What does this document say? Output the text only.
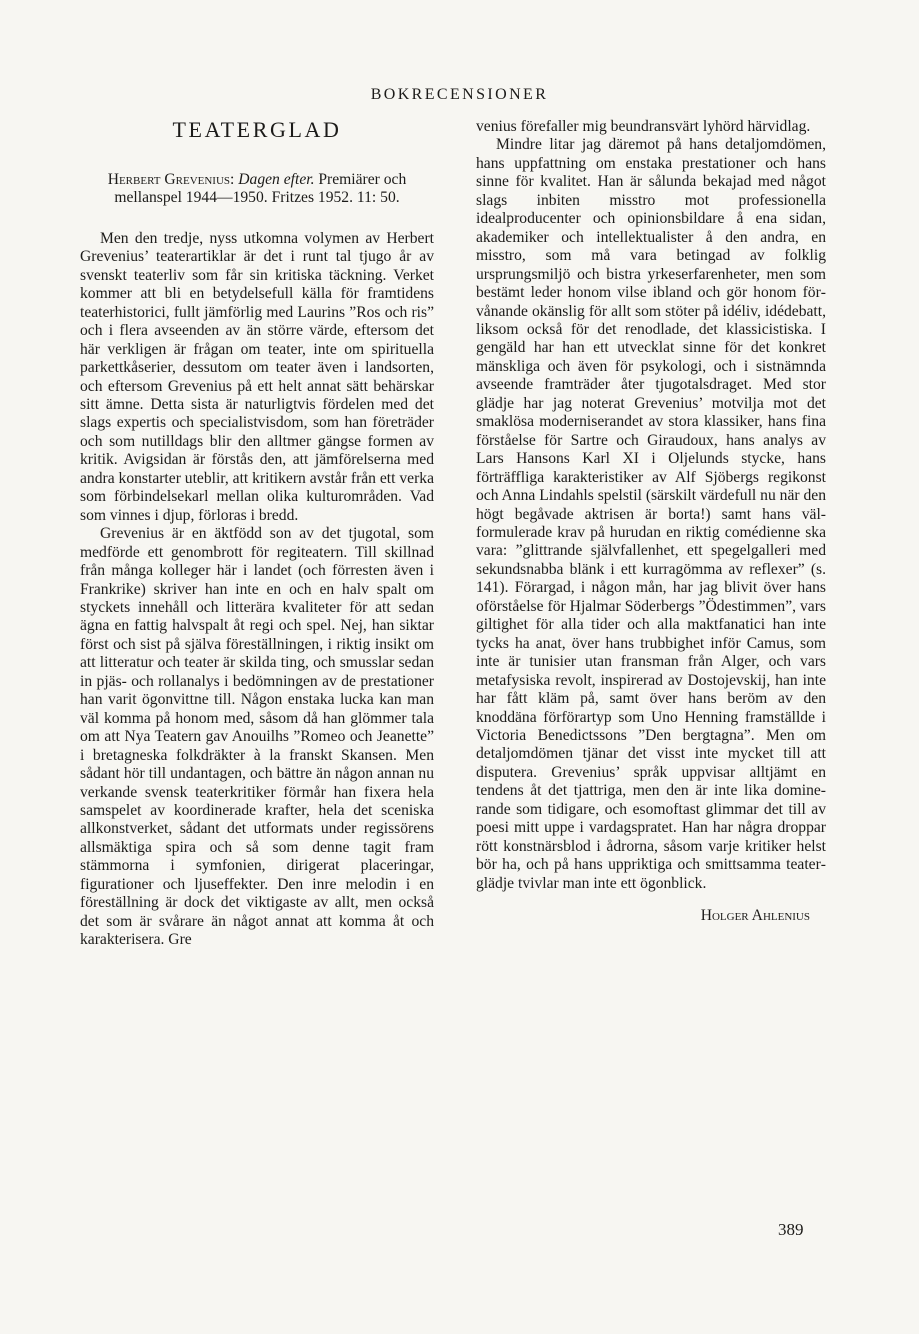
BOKRECENSIONER
TEATERGLAD
Herbert Grevenius: Dagen efter. Premiärer och mellanspel 1944—1950. Fritzes 1952. 11: 50.

Men den tredje, nyss utkomna volymen av Herbert Grevenius’ teaterartiklar är det i runt tal tjugo år av svenskt teaterliv som får sin kritiska täckning. Verket kommer att bli en betydelsefull källa för framtidens teaterhistorici, fullt jämförlig med Laurins ”Ros och ris” och i flera avseenden av än större värde, eftersom det här verkligen är frågan om teater, inte om spirituella parkettkåserier, dessutom om teater även i landsorten, och eftersom Grevenius på ett helt annat sätt behärskar sitt ämne. Detta sista är naturligtvis fördelen med det slags expertis och specialistvisdom, som han företräder och som nutilldags blir den alltmer gängse formen av kritik. Avigsidan är förstås den, att jämförelserna med andra konstarter uteblir, att kritikern avstår från ett verka som förbindelsekarl mellan olika kulturområden. Vad som vinnes i djup, förloras i bredd.

Grevenius är en äktfödd son av det tjugotal, som medförde ett genombrott för regiteatern. Till skillnad från många kolleger här i landet (och förresten även i Frankrike) skriver han inte en och en halv spalt om styckets innehåll och litterära kvaliteter för att sedan ägna en fattig halvspalt åt regi och spel. Nej, han siktar först och sist på själva föreställningen, i riktig insikt om att litteratur och teater är skilda ting, och smusslar sedan in pjäs- och rollanalys i bedömningen av de prestationer han varit ögonvittne till. Någon enstaka lucka kan man väl komma på honom med, såsom då han glömmer tala om att Nya Teatern gav Anouilhs ”Romeo och Jeanette” i bretagneska folkdräkter à la franskt Skansen. Men sådant hör till undantagen, och bättre än någon annan nu verkande svensk teaterkritiker förmår han fixera hela samspelet av koordinerade krafter, hela det sceniska allkonstverket, sådant det utformats under regissörens allsmäktiga spira och så som denne tagit fram stämmorna i symfonien, dirigerat placeringar, figurationer och ljuseffekter. Den inre melodin i en föreställning är dock det viktigaste av allt, men också det som är svårare än något annat att komma åt och karakterisera. Gre

venius förefaller mig beundransvärt lyhörd härvidlag.

Mindre litar jag däremot på hans detaljomdömen, hans uppfattning om enstaka prestationer och hans sinne för kvalitet. Han är sålunda bekajad med något slags inbiten misstro mot professionella idealproducenter och opinionsbildare å ena sidan, akademiker och intellektualister å den andra, en misstro, som må vara betingad av folklig ursprungsmiljö och bistra yrkeserfarenheter, men som bestämt leder honom vilse ibland och gör honom förvånande okänslig för allt som stöter på idéliv, idédebatt, liksom också för det renodlade, det klassicistiska. I gengäld har han ett utvecklat sinne för det konkret mänskliga och även för psykologi, och i sistnämnda avseende framträder åter tjugotalsdraget. Med stor glädje har jag noterat Grevenius’ motvilja mot det smaklösa moderniserandet av stora klassiker, hans fina förståelse för Sartre och Giraudoux, hans analys av Lars Hansons Karl XI i Oljelunds stycke, hans förträffliga karakteristiker av Alf Sjöbergs regikonst och Anna Lindahls spelstil (särskilt värdefull nu när den högt begåvade aktrisen är borta!) samt hans välformulerade krav på hurudan en riktig comédienne ska vara: ”glittrande självfallenhet, ett spegelgalleri med sekundsnabba blänk i ett kurragömma av reflexer” (s. 141). Förargad, i någon mån, har jag blivit över hans oförståelse för Hjalmar Söderbergs ”Ödestimmen”, vars giltighet för alla tider och alla maktfanatici han inte tycks ha anat, över hans trubbighet inför Camus, som inte är tunisier utan fransman från Alger, och vars metafysiska revolt, inspirerad av Dostojevskij, han inte har fått kläm på, samt över hans beröm av den knoddäna förförartyp som Uno Henning framställde i Victoria Benedictssons ”Den bergtagna”. Men om detaljomdömen tjänar det visst inte mycket till att disputera. Grevenius’ språk uppvisar alltjämt en tendens åt det tjattriga, men den är inte lika dominerande som tidigare, och esomoftast glimmar det till av poesi mitt uppe i vardagspratet. Han har några droppar rött konstnärsblod i ådrorna, såsom varje kritiker helst bör ha, och på hans uppriktiga och smittsamma teaterglädje tvivlar man inte ett ögonblick.

Holger Ahlenius
389
